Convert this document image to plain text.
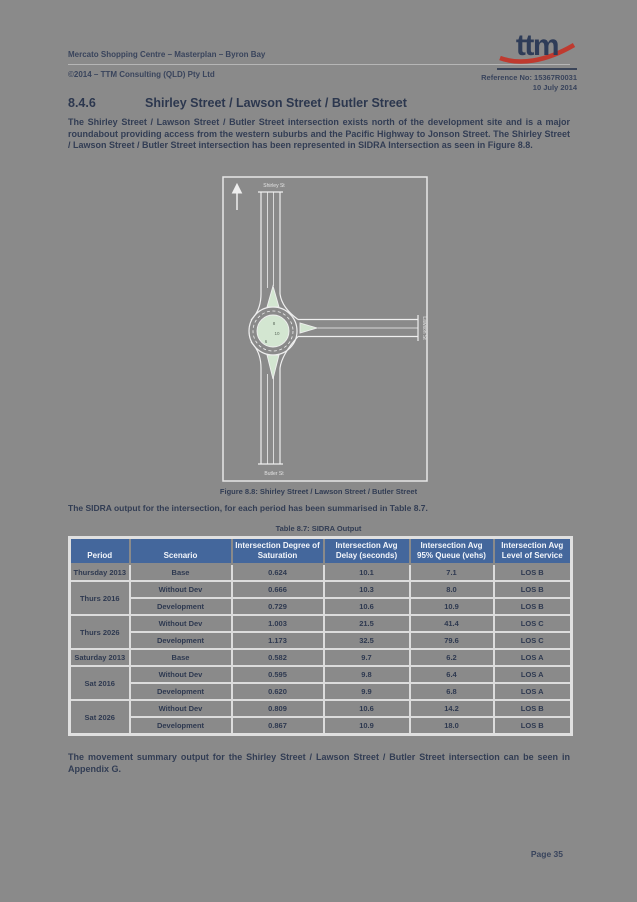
Mercato Shopping Centre – Masterplan – Byron Bay
©2014 – TTM Consulting (QLD) Pty Ltd
ttm
Reference No: 15367R0031
10 July 2014
8.4.6	Shirley Street / Lawson Street / Butler Street
The Shirley Street / Lawson Street / Butler Street intersection exists north of the development site and is a major roundabout providing access from the western suburbs and the Pacific Highway to Jonson Street. The Shirley Street / Lawson Street / Butler Street intersection has been represented in SIDRA Intersection as seen in Figure 8.8.
Shirley St
Butler St
Lawson St
8
10
6
Figure 8.8: Shirley Street / Lawson Street / Butler Street
The SIDRA output for the intersection, for each period has been summarised in Table 8.7.
Table 8.7: SIDRA Output
Period	Scenario	Intersection Degree of Saturation	Intersection Avg Delay (seconds)	Intersection Avg 95% Queue (vehs)	Intersection Avg Level of Service
Thursday 2013	Base	0.624	10.1	7.1	LOS B
Thurs 2016	Without Dev	0.666	10.3	8.0	LOS B
	Development	0.729	10.6	10.9	LOS B
Thurs 2026	Without Dev	1.003	21.5	41.4	LOS C
	Development	1.173	32.5	79.6	LOS C
Saturday 2013	Base	0.582	9.7	6.2	LOS A
Sat 2016	Without Dev	0.595	9.8	6.4	LOS A
	Development	0.620	9.9	6.8	LOS A
Sat 2026	Without Dev	0.809	10.6	14.2	LOS B
	Development	0.867	10.9	18.0	LOS B
The movement summary output for the Shirley Street / Lawson Street / Butler Street intersection can be seen in Appendix G.
Page 35
